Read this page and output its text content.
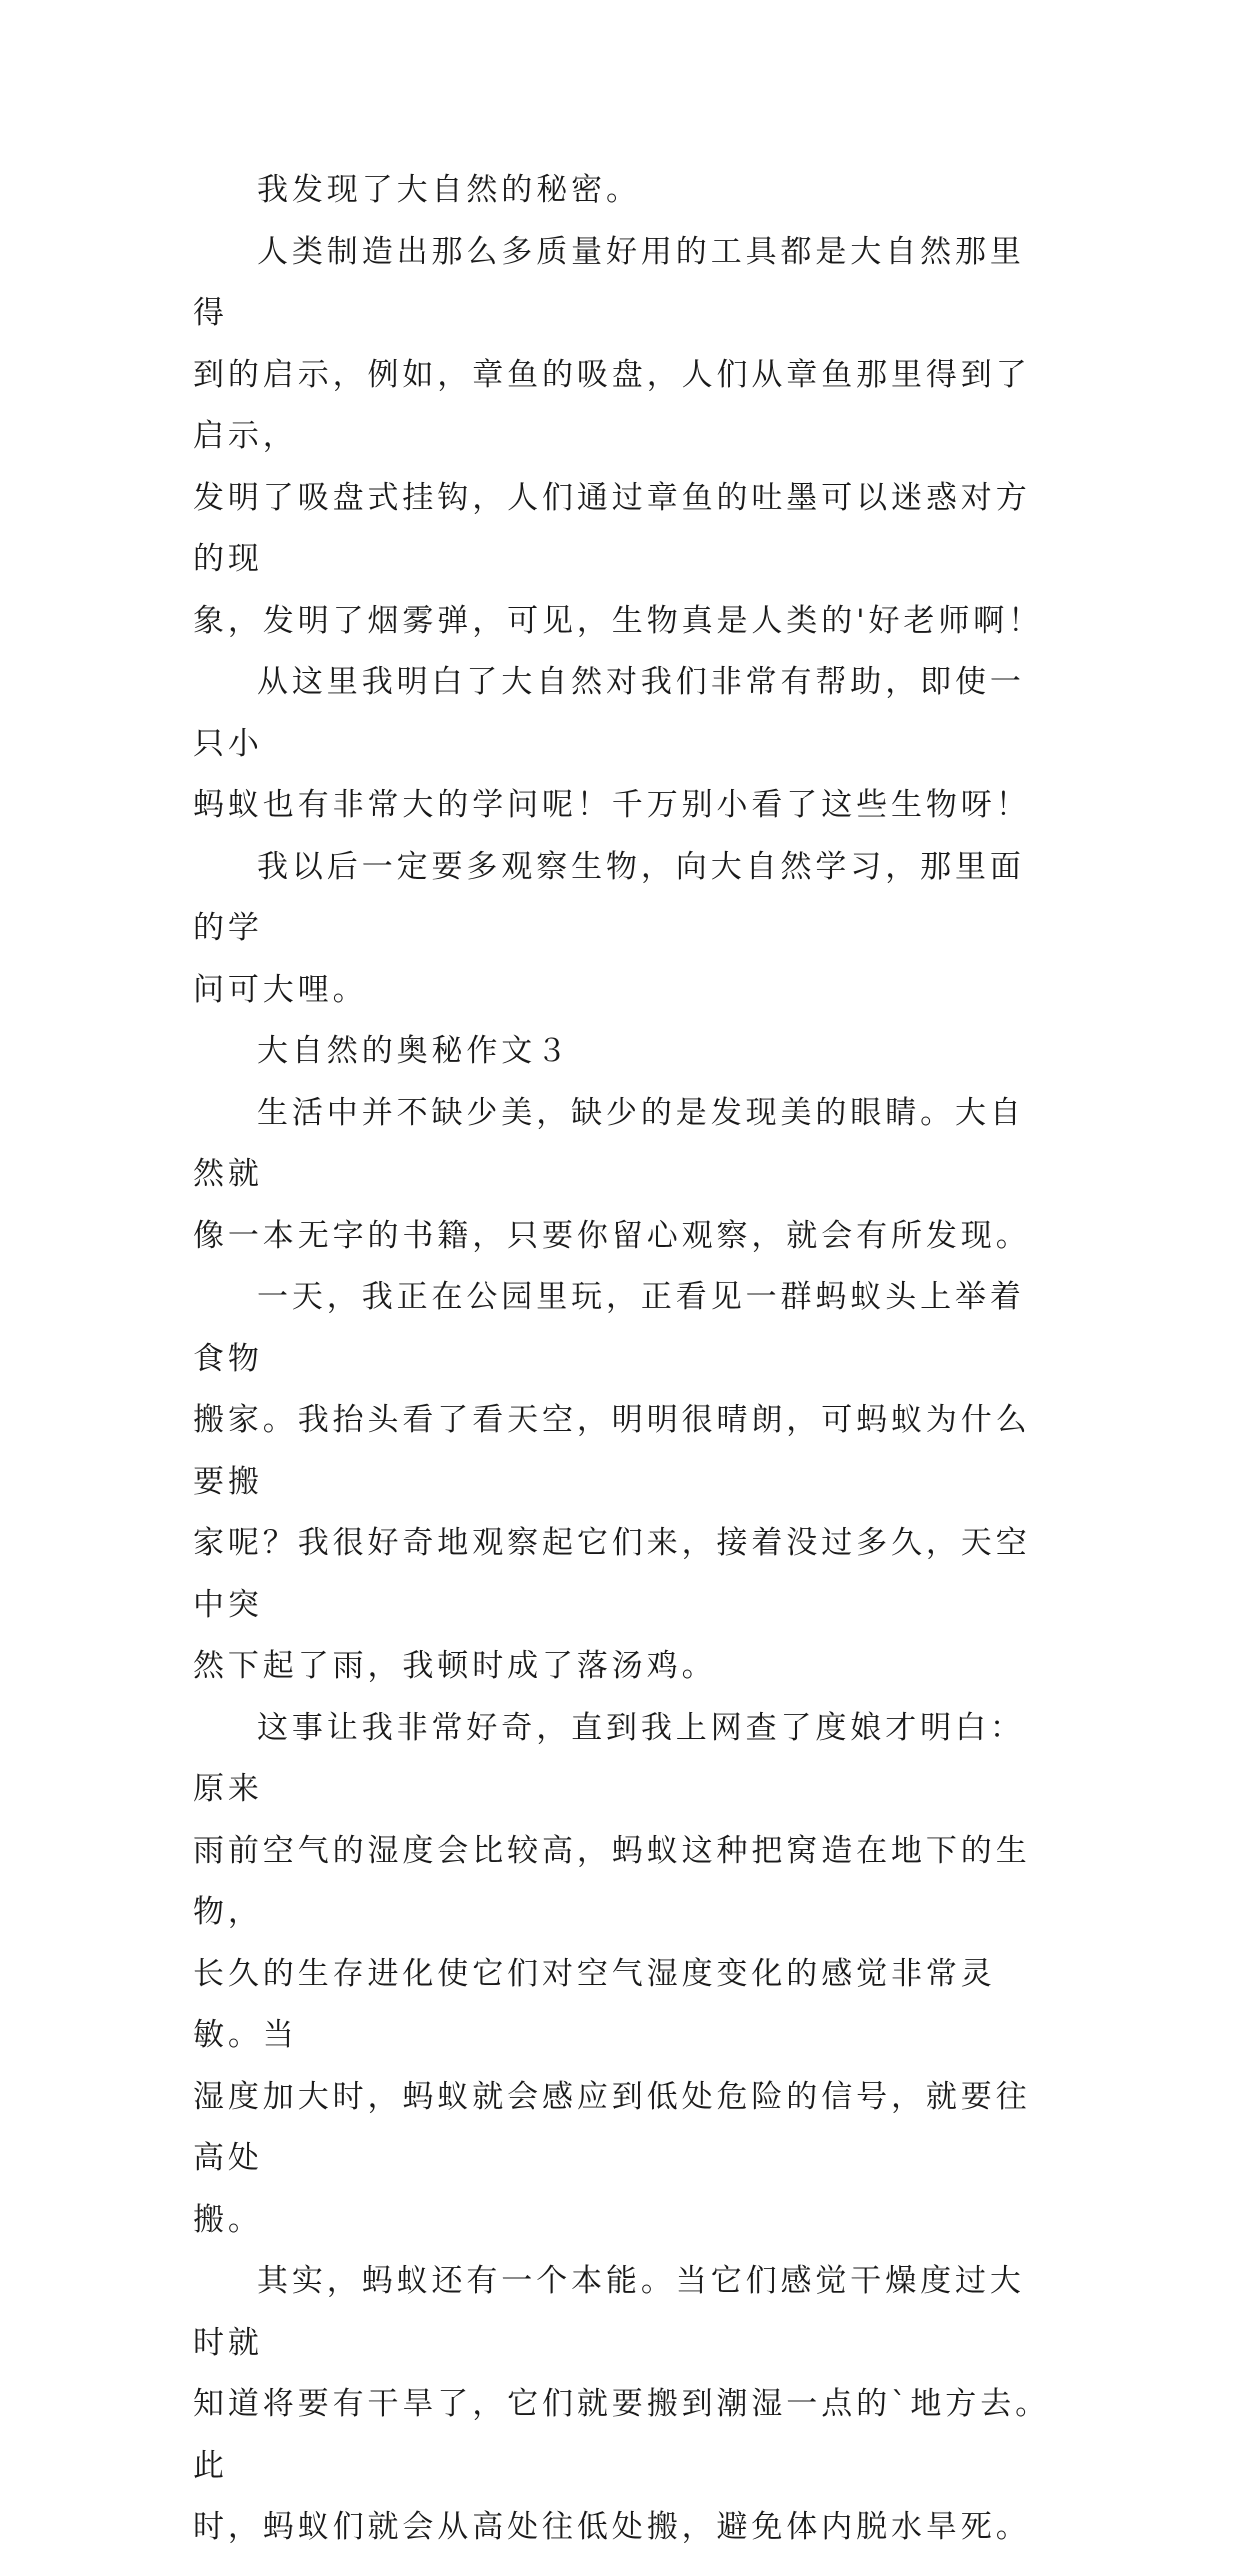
我发现了大自然的秘密。

人类制造出那么多质量好用的工具都是大自然那里得
到的启示，例如，章鱼的吸盘，人们从章鱼那里得到了启示，
发明了吸盘式挂钩，人们通过章鱼的吐墨可以迷惑对方的现
象，发明了烟雾弹，可见，生物真是人类的'好老师啊！

从这里我明白了大自然对我们非常有帮助，即使一只小
蚂蚁也有非常大的学问呢！千万别小看了这些生物呀！

我以后一定要多观察生物，向大自然学习，那里面的学
问可大哩。

大自然的奥秘作文３

生活中并不缺少美，缺少的是发现美的眼睛。大自然就
像一本无字的书籍，只要你留心观察，就会有所发现。

一天，我正在公园里玩，正看见一群蚂蚁头上举着食物
搬家。我抬头看了看天空，明明很晴朗，可蚂蚁为什么要搬
家呢？我很好奇地观察起它们来，接着没过多久，天空中突
然下起了雨，我顿时成了落汤鸡。

这事让我非常好奇，直到我上网查了度娘才明白：原来
雨前空气的湿度会比较高，蚂蚁这种把窝造在地下的生物，
长久的生存进化使它们对空气湿度变化的感觉非常灵敏。当
湿度加大时，蚂蚁就会感应到低处危险的信号，就要往高处
搬。

其实，蚂蚁还有一个本能。当它们感觉干燥度过大时就
知道将要有干旱了，它们就要搬到潮湿一点的`地方去。此
时，蚂蚁们就会从高处往低处搬，避免体内脱水旱死。
